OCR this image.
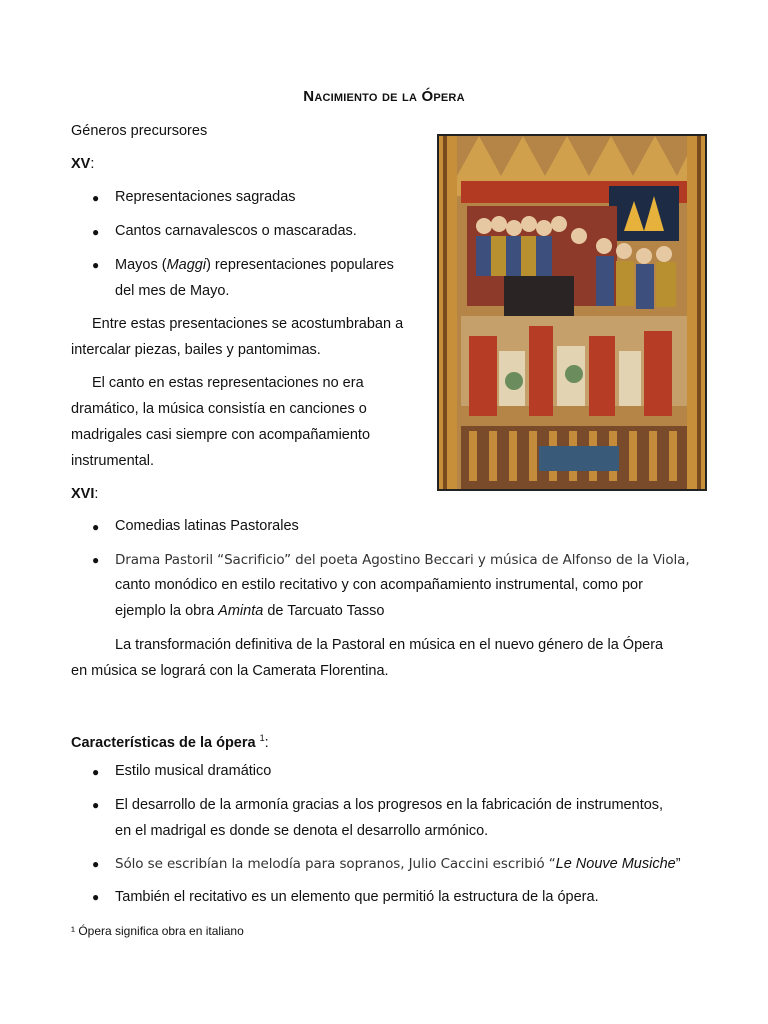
Nacimiento de la Ópera
Géneros precursores
XV:
● Representaciones sagradas
● Cantos carnavalescos o mascaradas.
● Mayos (Maggi) representaciones populares
del mes de Mayo.
Entre estas presentaciones se acostumbraban a
intercalar piezas, bailes y pantomimas.
El canto en estas representaciones no era
dramático, la música consistía en canciones o
madrigales casi siempre con acompañamiento
instrumental.
XVI:
● Comedias latinas Pastorales
● Drama Pastoril “Sacrificio” del poeta Agostino Beccari y música de Alfonso de la Viola,
canto monódico en estilo recitativo y con acompañamiento instrumental, como por
ejemplo la obra Aminta de Tarcuato Tasso
La transformación definitiva de la Pastoral en música en el nuevo género de la Ópera
en música se logrará con la Camerata Florentina.
Características de la ópera $^1$:
● Estilo musical dramático
● El desarrollo de la armonía gracias a los progresos en la fabricación de instrumentos,
en el madrigal es donde se denota el desarrollo armónico.
● Sólo se escribían la melodía para sopranos, Julio Caccini escribió “Le Nouve Musiche”
● También el recitativo es un elemento que permitió la estructura de la ópera.
¹ Ópera significa obra en italiano
